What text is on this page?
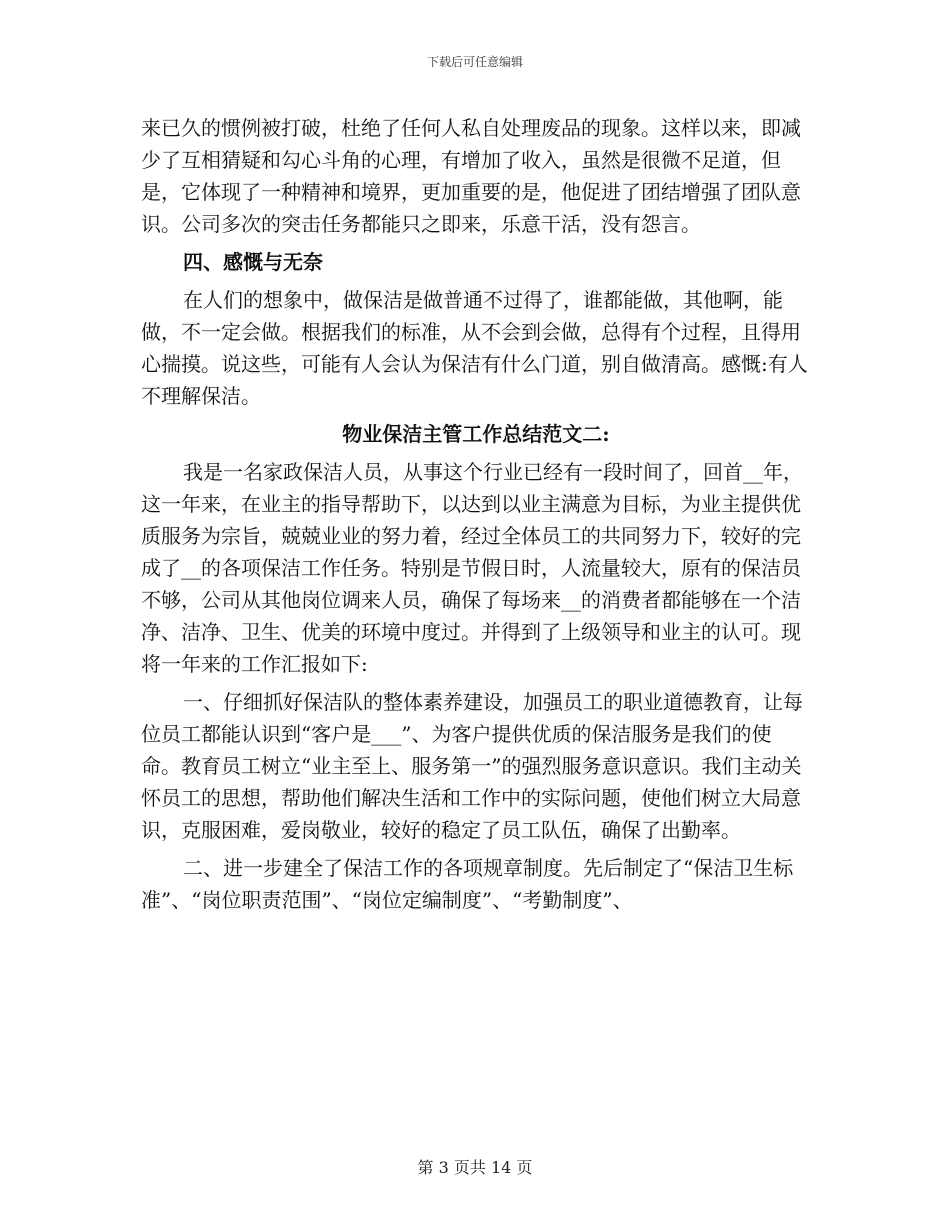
下载后可任意编辑

来已久的惯例被打破，杜绝了任何人私自处理废品的现象。这样以来，即减少了互相猜疑和勾心斗角的心理，有增加了收入，虽然是很微不足道，但是，它体现了一种精神和境界，更加重要的是，他促进了团结增强了团队意识。公司多次的突击任务都能只之即来，乐意干活，没有怨言。

四、感慨与无奈

在人们的想象中，做保洁是做普通不过得了，谁都能做，其他啊，能做，不一定会做。根据我们的标准，从不会到会做，总得有个过程，且得用心揣摸。说这些，可能有人会认为保洁有什么门道，别自做清高。感慨:有人不理解保洁。

物业保洁主管工作总结范文二:

我是一名家政保洁人员，从事这个行业已经有一段时间了，回首__年，这一年来，在业主的指导帮助下，以达到以业主满意为目标，为业主提供优质服务为宗旨，兢兢业业的努力着，经过全体员工的共同努力下，较好的完成了__的各项保洁工作任务。特别是节假日时，人流量较大，原有的保洁员不够，公司从其他岗位调来人员，确保了每场来__的消费者都能够在一个洁净、洁净、卫生、优美的环境中度过。并得到了上级领导和业主的认可。现将一年来的工作汇报如下:

一、仔细抓好保洁队的整体素养建设，加强员工的职业道德教育，让每位员工都能认识到“客户是___”、为客户提供优质的保洁服务是我们的使命。教育员工树立“业主至上、服务第一”的强烈服务意识意识。我们主动关怀员工的思想，帮助他们解决生活和工作中的实际问题，使他们树立大局意识，克服困难，爱岗敬业，较好的稳定了员工队伍，确保了出勤率。

二、进一步建全了保洁工作的各项规章制度。先后制定了“保洁卫生标准”、“岗位职责范围”、“岗位定编制度”、“考勤制度”、

第 3 页共 14 页
